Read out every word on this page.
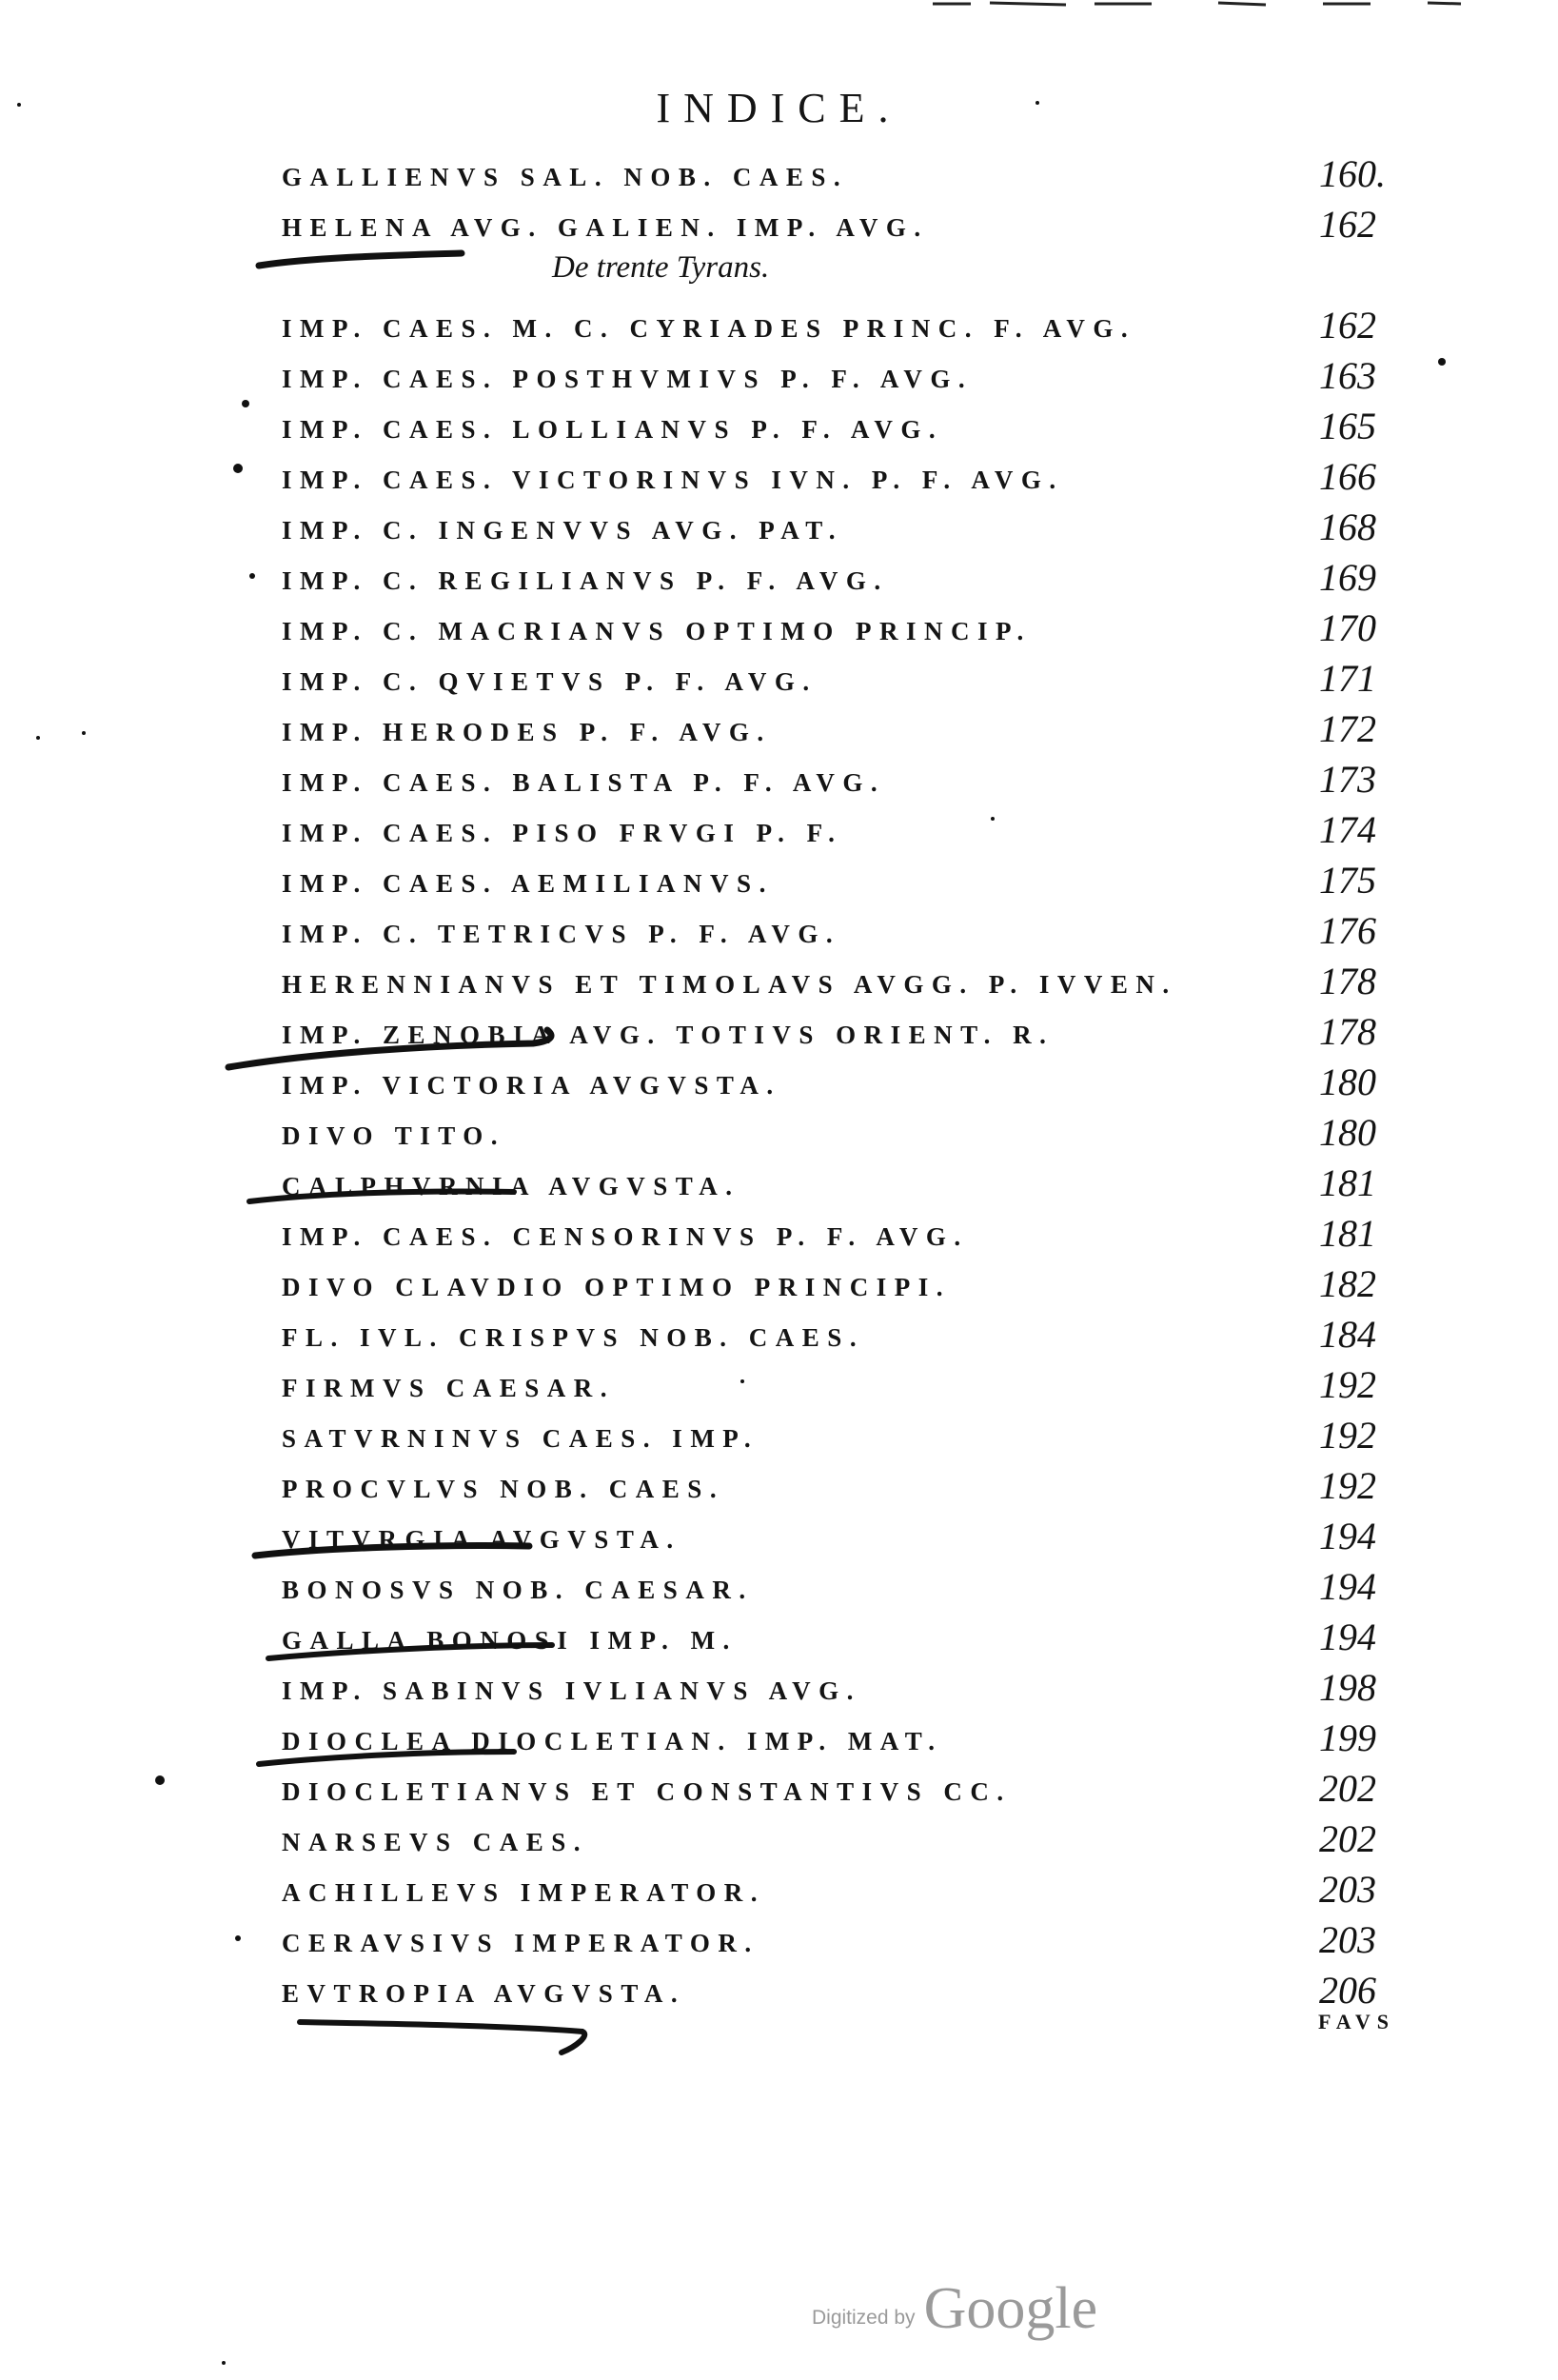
INDICE.
De trente Tyrans.
GALLIENVS SAL. NOB. CAES.	160.
HELENA AVG. GALIEN. IMP. AVG.	162
IMP. CAES. M. C. CYRIADES PRINC. F. AVG.	162
IMP. CAES. POSTHVMIVS P. F. AVG.	163
IMP. CAES. LOLLIANVS P. F. AVG.	165
IMP. CAES. VICTORINVS IVN. P. F. AVG.	166
IMP. C. INGENVVS AVG. PAT.	168
IMP. C. REGILIANVS P. F. AVG.	169
IMP. C. MACRIANVS OPTIMO PRINCIP.	170
IMP. C. QVIETVS P. F. AVG.	171
IMP. HERODES P. F. AVG.	172
IMP. CAES. BALISTA P. F. AVG.	173
IMP. CAES. PISO FRVGI P. F.	174
IMP. CAES. AEMILIANVS.	175
IMP. C. TETRICVS P. F. AVG.	176
HERENNIANVS ET TIMOLAVS AVGG. P. IVVEN.	178
IMP. ZENOBIA AVG. TOTIVS ORIENT. R.	178
IMP. VICTORIA AVGVSTA.	180
DIVO TITO.	180
CALPHVRNIA AVGVSTA.	181
IMP. CAES. CENSORINVS P. F. AVG.	181
DIVO CLAVDIO OPTIMO PRINCIPI.	182
FL. IVL. CRISPVS NOB. CAES.	184
FIRMVS CAESAR.	192
SATVRNINVS CAES. IMP.	192
PROCVLVS NOB. CAES.	192
VITVRGIA AVGVSTA.	194
BONOSVS NOB. CAESAR.	194
GALLA BONOSI IMP. M.	194
IMP. SABINVS IVLIANVS AVG.	198
DIOCLEA DIOCLETIAN. IMP. MAT.	199
DIOCLETIANVS ET CONSTANTIVS CC.	202
NARSEVS CAES.	202
ACHILLEVS IMPERATOR.	203
CERAVSIVS IMPERATOR.	203
EVTROPIA AVGVSTA.	206
FAVS
Digitized by Google
